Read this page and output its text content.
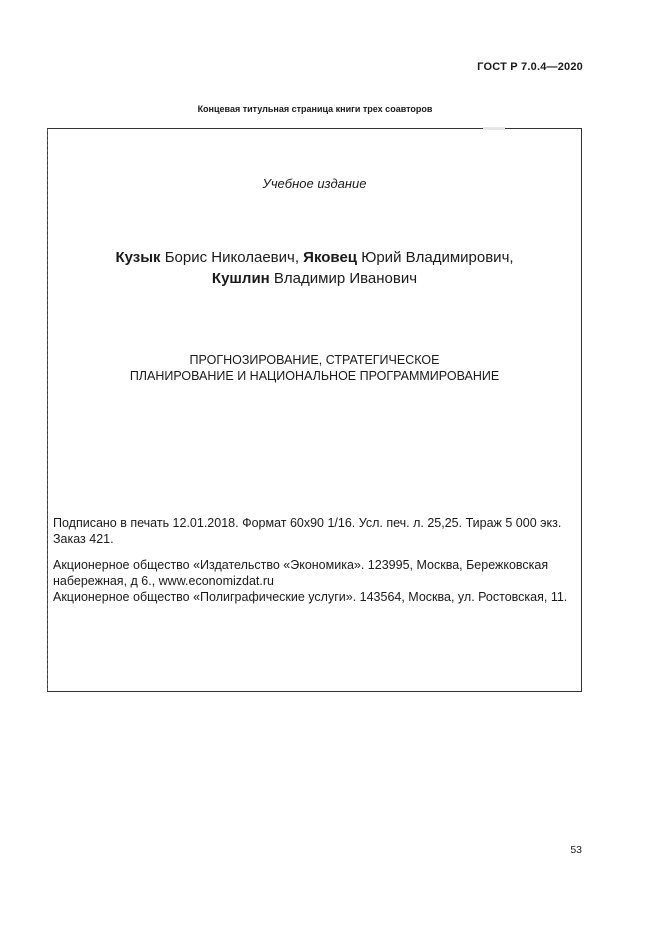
ГОСТ Р 7.0.4—2020
Концевая титульная страница книги трех соавторов
Учебное издание
Кузык Борис Николаевич, Яковец Юрий Владимирович,
Кушлин Владимир Иванович
ПРОГНОЗИРОВАНИЕ, СТРАТЕГИЧЕСКОЕ
ПЛАНИРОВАНИЕ И НАЦИОНАЛЬНОЕ ПРОГРАММИРОВАНИЕ

Подписано в печать 12.01.2018. Формат 60x90 1/16. Усл. печ. л. 25,25. Тираж 5 000 экз. Заказ 421.

Акционерное общество «Издательство «Экономика». 123995, Москва, Бережковская набережная, д 6., www.economizdat.ru

Акционерное общество «Полиграфические услуги». 143564, Москва, ул. Ростовская, 11.

53
